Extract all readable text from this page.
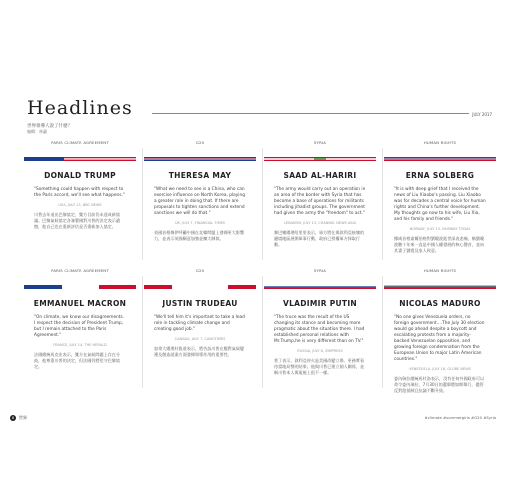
Headlines	JULY 2017
世界領導人說了什麼？
編輯：林蕙
PARIS CLIMATE AGREEMENT
DONALD TRUMP
"Something could happen with respect to the Paris accord, we'll see what happens."
USA, JULY 13, BBC NEWS
川普去年退出巴黎協定，雙方目前仍未達成新協議。巴黎氣候協定各簽署國對川普的決定表示遺憾，他自己也在重新評估是否重新加入協定。
G20
THERESA MAY
"What we need to see is a China, who can exercise influence on North Korea, playing a greater role in doing that. If there are proposals to tighten sanctions and extend sanctions we will do that."
UK, JULY 7, FINANCIAL TIMES
英國首相梅伊呼籲中國在北韓問題上發揮更大影響力，並表示英國願意加強並擴大制裁。
SYRIA
SAAD AL-HARIRI
"The army would carry out an operation in an area of the border with Syria that has become a base of operations for militants including jihadist groups. The government had given the army the "freedom" to act."
LEBANON, JULY 13, CHANNEL NEWS ASIA
黎巴嫩總理哈里里表示，軍方將在與敘利亞接壤的邊境地區展開軍事行動，政府已授權軍方採取行動。
HUMAN RIGHTS
ERNA SOLBERG
"It is with deep grief that I received the news of Liu Xiaobo's passing. Liu Xiaobo was for decades a central voice for human rights and China's further development. My thoughts go now to his wife, Liu Xia, and his family and friends."
NORWAY, JULY 13, NORWAY TODAY
挪威首相索爾伯格對劉曉波逝世深表悲痛，稱劉曉波數十年來一直是中國人權發展的核心聲音，並向其妻子劉霞及家人致意。
PARIS CLIMATE AGREEMENT
EMMANUEL MACRON
"On climate, we know our disagreements. I respect the decision of President Trump, but I remain attached to the Paris Agreement."
FRANCE, JULY 14, THE HERALD
法國總統馬克宏表示，雙方在氣候問題上存在分歧，他尊重川普的決定，但法國仍將堅守巴黎協定。
G20
JUSTIN TRUDEAU
"We'll tell him it's important to take a lead role in tackling climate change and creating good job."
CANADA, JULY 7, CANOTIMES
加拿大總理杜魯道表示，將告訴川普在應對氣候變遷及創造就業方面發揮領導作用的重要性。
SYRIA
VLADIMIR PUTIN
"The truce was the result of the US changing its stance and becoming more pragmatic about the situation there. I had established personal relations with Mr.Trump,he is very different than on TV."
RUSSIA, JULY 8, ZIMPRESS
普丁表示，敘利亞停火是美國改變立場、更務實看待當地局勢的結果。他與川普已建立個人關係，並稱川普本人與電視上很不一樣。
HUMAN RIGHTS
NICOLAS MADURO
"No one gives Venezuela orders, no foreign government....The July 30 election would go ahead despite a boycott and escalating protests from a majority-backed Venezuelan opposition, and growing foreign condemnation from the European Union to major Latin American countries."
VENEZUELA, JULY 18, GLOBE NEWS
委內瑞拉總統馬杜洛表示，沒有任何外國政府可以命令委內瑞拉，7月30日的選舉將如期舉行，儘管反對派抵制且抗議不斷升級。
8	世界	#climate #summergirls #G20 #Syria
